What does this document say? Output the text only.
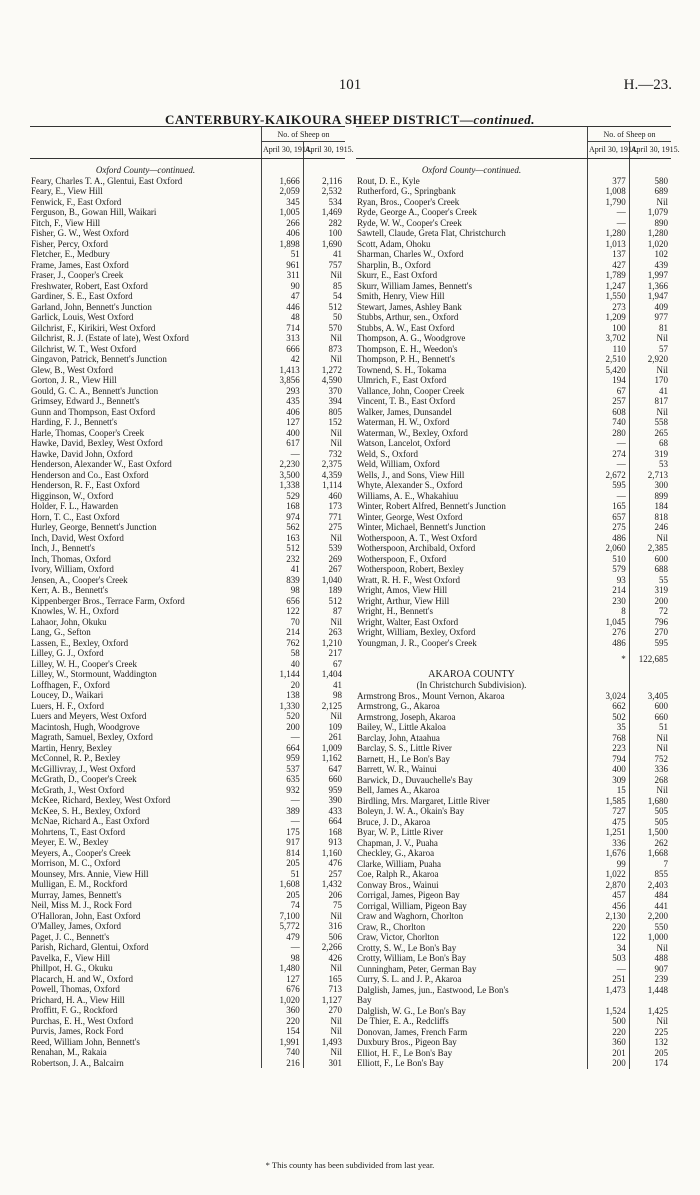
101	H.—23.
CANTERBURY-KAIKOURA SHEEP DISTRICT—continued.
	No. of Sheep on	
	April 30, 1914.	April 30, 1915.
Oxford County—continued.		
Feary, Charles T. A., Glentui, East Oxford	1,666	2,116
Feary, E., View Hill	2,059	2,532
Fenwick, F., East Oxford	345	534
Ferguson, B., Gowan Hill, Waikari	1,005	1,469
Fitch, F., View Hill	266	282
Fisher, G. W., West Oxford	406	100
Fisher, Percy, Oxford	1,898	1,690
Fletcher, E., Medbury	51	41
Frame, James, East Oxford	961	757
Fraser, J., Cooper's Creek	311	Nil
Freshwater, Robert, East Oxford	90	85
Gardiner, S. E., East Oxford	47	54
Garland, John, Bennett's Junction	446	512
Garlick, Louis, West Oxford	48	50
Gilchrist, F., Kirikiri, West Oxford	714	570
Gilchrist, R. J. (Estate of late), West Oxford	313	Nil
Gilchrist, W. T., West Oxford	666	873
Gingavon, Patrick, Bennett's Junction	42	Nil
Glew, B., West Oxford	1,413	1,272
Gorton, J. R., View Hill	3,856	4,590
Gould, G. C. A., Bennett's Junction	293	370
Grimsey, Edward J., Bennett's	435	394
Gunn and Thompson, East Oxford	406	805
Harding, F. J., Bennett's	127	152
Harle, Thomas, Cooper's Creek	400	Nil
Hawke, David, Bexley, West Oxford	617	Nil
Hawke, David John, Oxford	—	732
Henderson, Alexander W., East Oxford	2,230	2,375
Henderson and Co., East Oxford	3,500	4,359
Henderson, R. F., East Oxford	1,338	1,114
Higginson, W., Oxford	529	460
Holder, F. L., Hawarden	168	173
Horn, T. C., East Oxford	974	771
Hurley, George, Bennett's Junction	562	275
Inch, David, West Oxford	163	Nil
Inch, J., Bennett's	512	539
Inch, Thomas, Oxford	232	269
Ivory, William, Oxford	41	267
Jensen, A., Cooper's Creek	839	1,040
Kerr, A. B., Bennett's	98	189
Kippenberger Bros., Terrace Farm, Oxford	656	512
Knowles, W. H., Oxford	122	87
Lahaor, John, Okuku	70	Nil
Lang, G., Sefton	214	263
Lassen, E., Bexley, Oxford	762	1,210
Lilley, G. J., Oxford	58	217
Lilley, W. H., Cooper's Creek	40	67
Lilley, W., Stormount, Waddington	1,144	1,404
Loffhagen, F., Oxford	20	41
Loucey, D., Waikari	138	98
Luers, H. F., Oxford	1,330	2,125
Luers and Meyers, West Oxford	520	Nil
Macintosh, Hugh, Woodgrove	200	109
Magrath, Samuel, Bexley, Oxford	—	261
Martin, Henry, Bexley	664	1,009
McConnel, R. P., Bexley	959	1,162
McGillivray, J., West Oxford	537	647
McGrath, D., Cooper's Creek	635	660
McGrath, J., West Oxford	932	959
McKee, Richard, Bexley, West Oxford	—	390
McKee, S. H., Bexley, Oxford	389	433
McNae, Richard A., East Oxford	—	664
Mohrtens, T., East Oxford	175	168
Meyer, E. W., Bexley	917	913
Meyers, A., Cooper's Creek	814	1,160
Morrison, M. C., Oxford	205	476
Mounsey, Mrs. Annie, View Hill	51	257
Mulligan, E. M., Rockford	1,608	1,432
Murray, James, Bennett's	205	206
Neil, Miss M. J., Rock Ford	74	75
O'Halloran, John, East Oxford	7,100	Nil
O'Malley, James, Oxford	5,772	316
Paget, J. C., Bennett's	479	506
Parish, Richard, Glentui, Oxford	—	2,266
Pavelka, F., View Hill	98	426
Phillpot, H. G., Okuku	1,480	Nil
Placarch, H. and W., Oxford	127	165
Powell, Thomas, Oxford	676	713
Prichard, H. A., View Hill	1,020	1,127
Proffitt, F. G., Rockford	360	270
Purchas, E. H., West Oxford	220	Nil
Purvis, James, Rock Ford	154	Nil
Reed, William John, Bennett's	1,991	1,493
Renahan, M., Rakaia	740	Nil
Robertson, J. A., Balcairn	216	301
	No. of Sheep on	
	April 30, 1914.	April 30, 1915.
Oxford County—continued.		
Rout, D. E., Kyle	377	580
Rutherford, G., Springbank	1,008	689
Ryan, Bros., Cooper's Creek	1,790	Nil
Ryde, George A., Cooper's Creek	—	1,079
Ryde, W. W., Cooper's Creek	—	890
Sawtell, Claude, Greta Flat, Christchurch	1,280	1,280
Scott, Adam, Ohoku	1,013	1,020
Sharman, Charles W., Oxford	137	102
Sharplin, B., Oxford	427	439
Skurr, E., East Oxford	1,789	1,997
Skurr, William James, Bennett's	1,247	1,366
Smith, Henry, View Hill	1,550	1,947
Stewart, James, Ashley Bank	273	409
Stubbs, Arthur, sen., Oxford	1,209	977
Stubbs, A. W., East Oxford	100	81
Thompson, A. G., Woodgrove	3,702	Nil
Thompson, E. H., Weedon's	110	57
Thompson, P. H., Bennett's	2,510	2,920
Townend, S. H., Tokama	5,420	Nil
Ulmrich, F., East Oxford	194	170
Vallance, John, Cooper Creek	67	41
Vincent, T. B., East Oxford	257	817
Walker, James, Dunsandel	608	Nil
Waterman, H. W., Oxford	740	558
Waterman, W., Bexley, Oxford	280	265
Watson, Lancelot, Oxford	—	68
Weld, S., Oxford	274	319
Weld, William, Oxford	—	53
Wells, J., and Sons, View Hill	2,672	2,713
Whyte, Alexander S., Oxford	595	300
Williams, A. E., Whakahiuu	—	899
Winter, Robert Alfred, Bennett's Junction	165	184
Winter, George, West Oxford	657	818
Winter, Michael, Bennett's Junction	275	246
Wotherspoon, A. T., West Oxford	486	Nil
Wotherspoon, Archibald, Oxford	2,060	2,385
Wotherspoon, F., Oxford	510	600
Wotherspoon, Robert, Bexley	579	688
Wratt, R. H. F., West Oxford	93	55
Wright, Amos, View Hill	214	319
Wright, Arthur, View Hill	230	200
Wright, H., Bennett's	8	72
Wright, Walter, East Oxford	1,045	796
Wright, William, Bexley, Oxford	276	270
Youngman, J. R., Cooper's Creek	486	595
	*	122,685
AKAROA COUNTY		
(In Christchurch Subdivision).		
Armstrong Bros., Mount Vernon, Akaroa	3,024	3,405
Armstrong, G., Akaroa	662	600
Armstrong, Joseph, Akaroa	502	660
Bailey, W., Little Akaloa	35	51
Barclay, John, Ataahua	768	Nil
Barclay, S. S., Little River	223	Nil
Barnett, H., Le Bon's Bay	794	752
Barrett, W. R., Wainui	400	336
Barwick, D., Duvauchelle's Bay	309	268
Bell, James A., Akaroa	15	Nil
Birdling, Mrs. Margaret, Little River	1,585	1,680
Boleyn, J. W. A., Okain's Bay	727	505
Bruce, J. D., Akaroa	475	505
Byar, W. P., Little River	1,251	1,500
Chapman, J. V., Puaha	336	262
Checkley, G., Akaroa	1,676	1,668
Clarke, William, Puaha	99	7
Coe, Ralph R., Akaroa	1,022	855
Conway Bros., Wainui	2,870	2,403
Corrigal, James, Pigeon Bay	457	484
Corrigal, William, Pigeon Bay	456	441
Craw and Waghorn, Chorlton	2,130	2,200
Craw, R., Chorlton	220	550
Craw, Victor, Chorlton	122	1,000
Crotty, S. W., Le Bon's Bay	34	Nil
Crotty, William, Le Bon's Bay	503	488
Cunningham, Peter, German Bay	—	907
Curry, S. L. and J. P., Akaroa	251	239
Dalglish, James, jun., Eastwood, Le Bon's	1,473	1,448
Bay		
Dalglish, W. G., Le Bon's Bay	1,524	1,425
De Thier, E. A., Redcliffs	500	Nil
Donovan, James, French Farm	220	225
Duxbury Bros., Pigeon Bay	360	132
Elliot, H. F., Le Bon's Bay	201	205
Elliott, F., Le Bon's Bay	200	174
* This county has been subdivided from last year.
